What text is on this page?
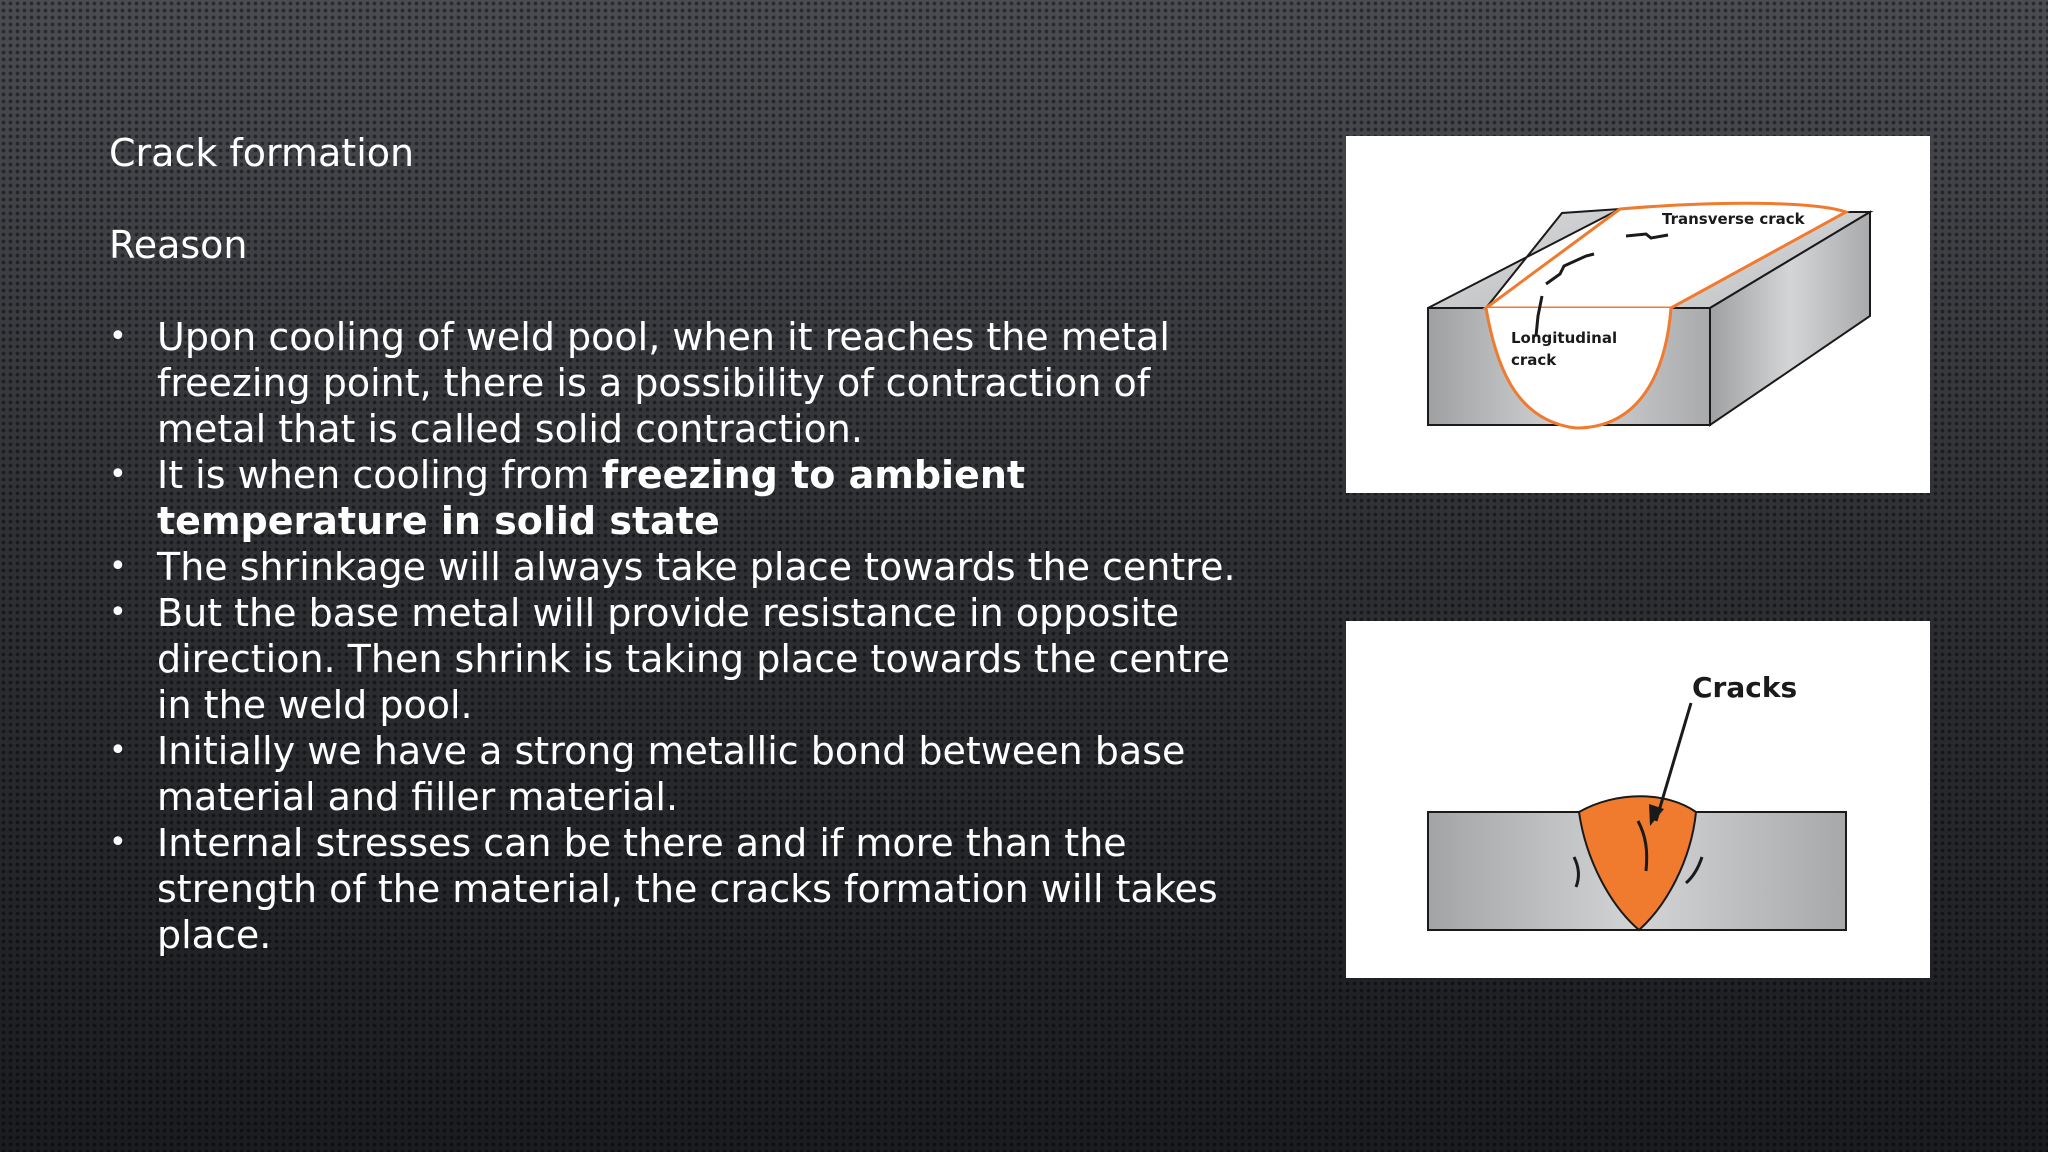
Crack formation
Reason
• Upon cooling of weld pool, when it reaches the metal freezing point, there is a possibility of contraction of metal that is called solid contraction.
• It is when cooling from freezing to ambient temperature in solid state
• The shrinkage will always take place towards the centre.
• But the base metal will provide resistance in opposite direction. Then shrink is taking place towards the centre in the weld pool.
• Initially we have a strong metallic bond between base material and filler material.
• Internal stresses can be there and if more than the strength of the material, the cracks formation will takes place.
Transverse crack
Longitudinal
crack
Cracks
